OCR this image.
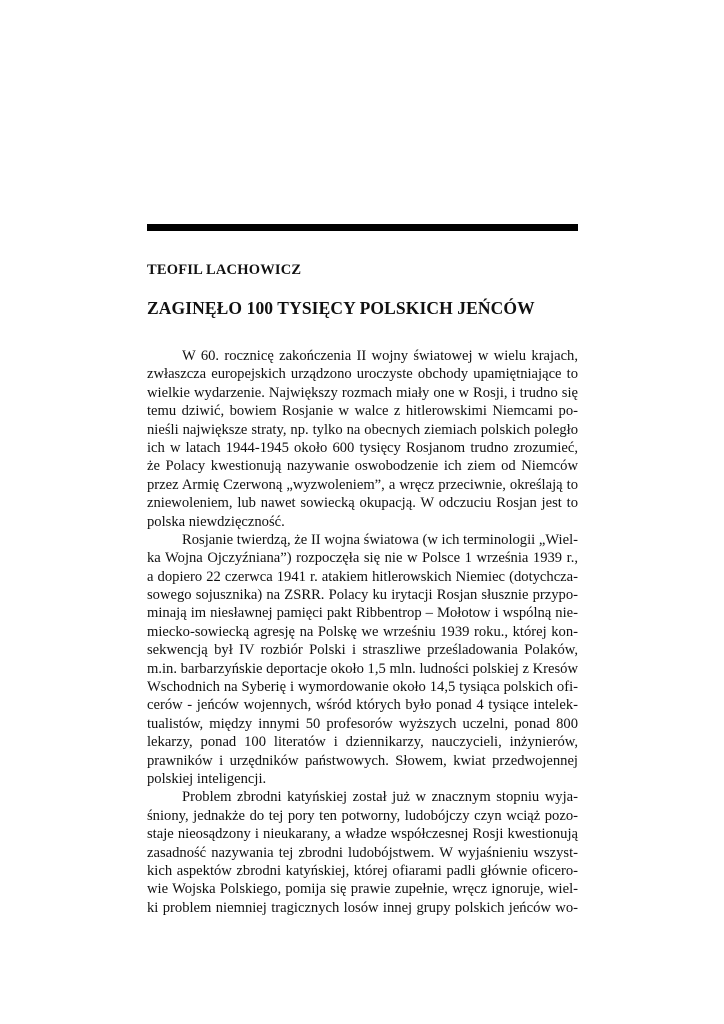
TEOFIL LACHOWICZ
ZAGINĘŁO 100 TYSIĘCY POLSKICH JEŃCÓW
W 60. rocznicę zakończenia II wojny światowej w wielu krajach,
zwłaszcza europejskich urządzono uroczyste obchody upamiętniające to
wielkie wydarzenie. Największy rozmach miały one w Rosji, i trudno się
temu dziwić, bowiem Rosjanie w walce z hitlerowskimi Niemcami po-
nieśli największe straty, np. tylko na obecnych ziemiach polskich poległo
ich w latach 1944-1945 około 600 tysięcy Rosjanom trudno zrozumieć,
że Polacy kwestionują nazywanie oswobodzenie ich ziem od Niemców
przez Armię Czerwoną „wyzwoleniem”, a wręcz przeciwnie, określają to
zniewoleniem, lub nawet sowiecką okupacją. W odczuciu Rosjan jest to
polska niewdzięczność.
Rosjanie twierdzą, że II wojna światowa (w ich terminologii „Wiel-
ka Wojna Ojczyźniana”) rozpoczęła się nie w Polsce 1 września 1939 r.,
a dopiero 22 czerwca 1941 r. atakiem hitlerowskich Niemiec (dotychcza-
sowego sojusznika) na ZSRR. Polacy ku irytacji Rosjan słusznie przypo-
minają im niesławnej pamięci pakt Ribbentrop – Mołotow i wspólną nie-
miecko-sowiecką agresję na Polskę we wrześniu 1939 roku., której kon-
sekwencją był IV rozbiór Polski i straszliwe prześladowania Polaków,
m.in. barbarzyńskie deportacje około 1,5 mln. ludności polskiej z Kresów
Wschodnich na Syberię i wymordowanie około 14,5 tysiąca polskich ofi-
cerów - jeńców wojennych, wśród których było ponad 4 tysiące intelek-
tualistów, między innymi 50 profesorów wyższych uczelni, ponad 800
lekarzy, ponad 100 literatów i dziennikarzy, nauczycieli, inżynierów,
prawników i urzędników państwowych. Słowem, kwiat przedwojennej
polskiej inteligencji.
Problem zbrodni katyńskiej został już w znacznym stopniu wyja-
śniony, jednakże do tej pory ten potworny, ludobójczy czyn wciąż pozo-
staje nieosądzony i nieukarany, a władze współczesnej Rosji kwestionują
zasadność nazywania tej zbrodni ludobójstwem. W wyjaśnieniu wszyst-
kich aspektów zbrodni katyńskiej, której ofiarami padli głównie oficero-
wie Wojska Polskiego, pomija się prawie zupełnie, wręcz ignoruje, wiel-
ki problem niemniej tragicznych losów innej grupy polskich jeńców wo-
